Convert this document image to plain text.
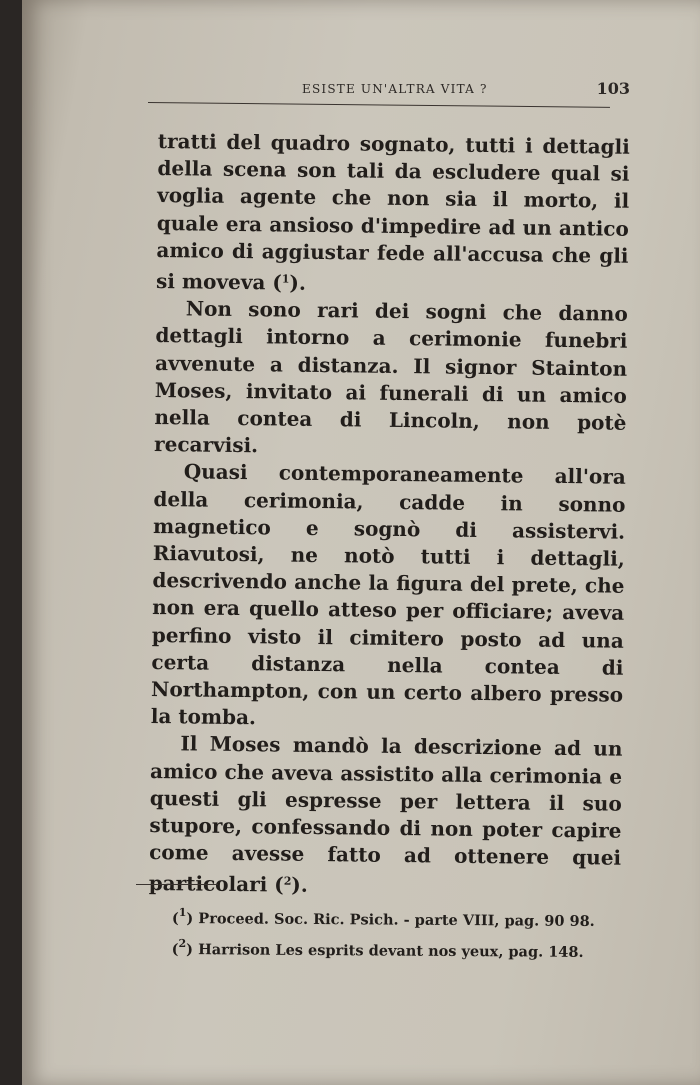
ESISTE UN'ALTRA VITA ?	103

tratti del quadro sognato, tutti i dettagli della scena son tali da escludere qual si voglia agente che non sia il morto, il quale era ansioso d'impedire ad un antico amico di aggiustar fede all'accusa che gli si moveva ($^1$).

Non sono rari dei sogni che danno dettagli intorno a cerimonie funebri avvenute a distanza. Il signor Stainton Moses, invitato ai funerali di un amico nella contea di Lincoln, non potè recarvisi.

Quasi contemporaneamente all'ora della cerimonia, cadde in sonno magnetico e sognò di assistervi. Riavutosi, ne notò tutti i dettagli, descrivendo anche la figura del prete, che non era quello atteso per officiare; aveva perfino visto il cimitero posto ad una certa distanza nella contea di Northampton, con un certo albero presso la tomba.

Il Moses mandò la descrizione ad un amico che aveva assistito alla cerimonia e questi gli espresse per lettera il suo stupore, confessando di non poter capire come avesse fatto ad ottenere quei particolari ($^2$).

($^1$) Proceed. Soc. Ric. Psich. - parte VIII, pag. 90 98.
($^2$) Harrison Les esprits devant nos yeux, pag. 148.
